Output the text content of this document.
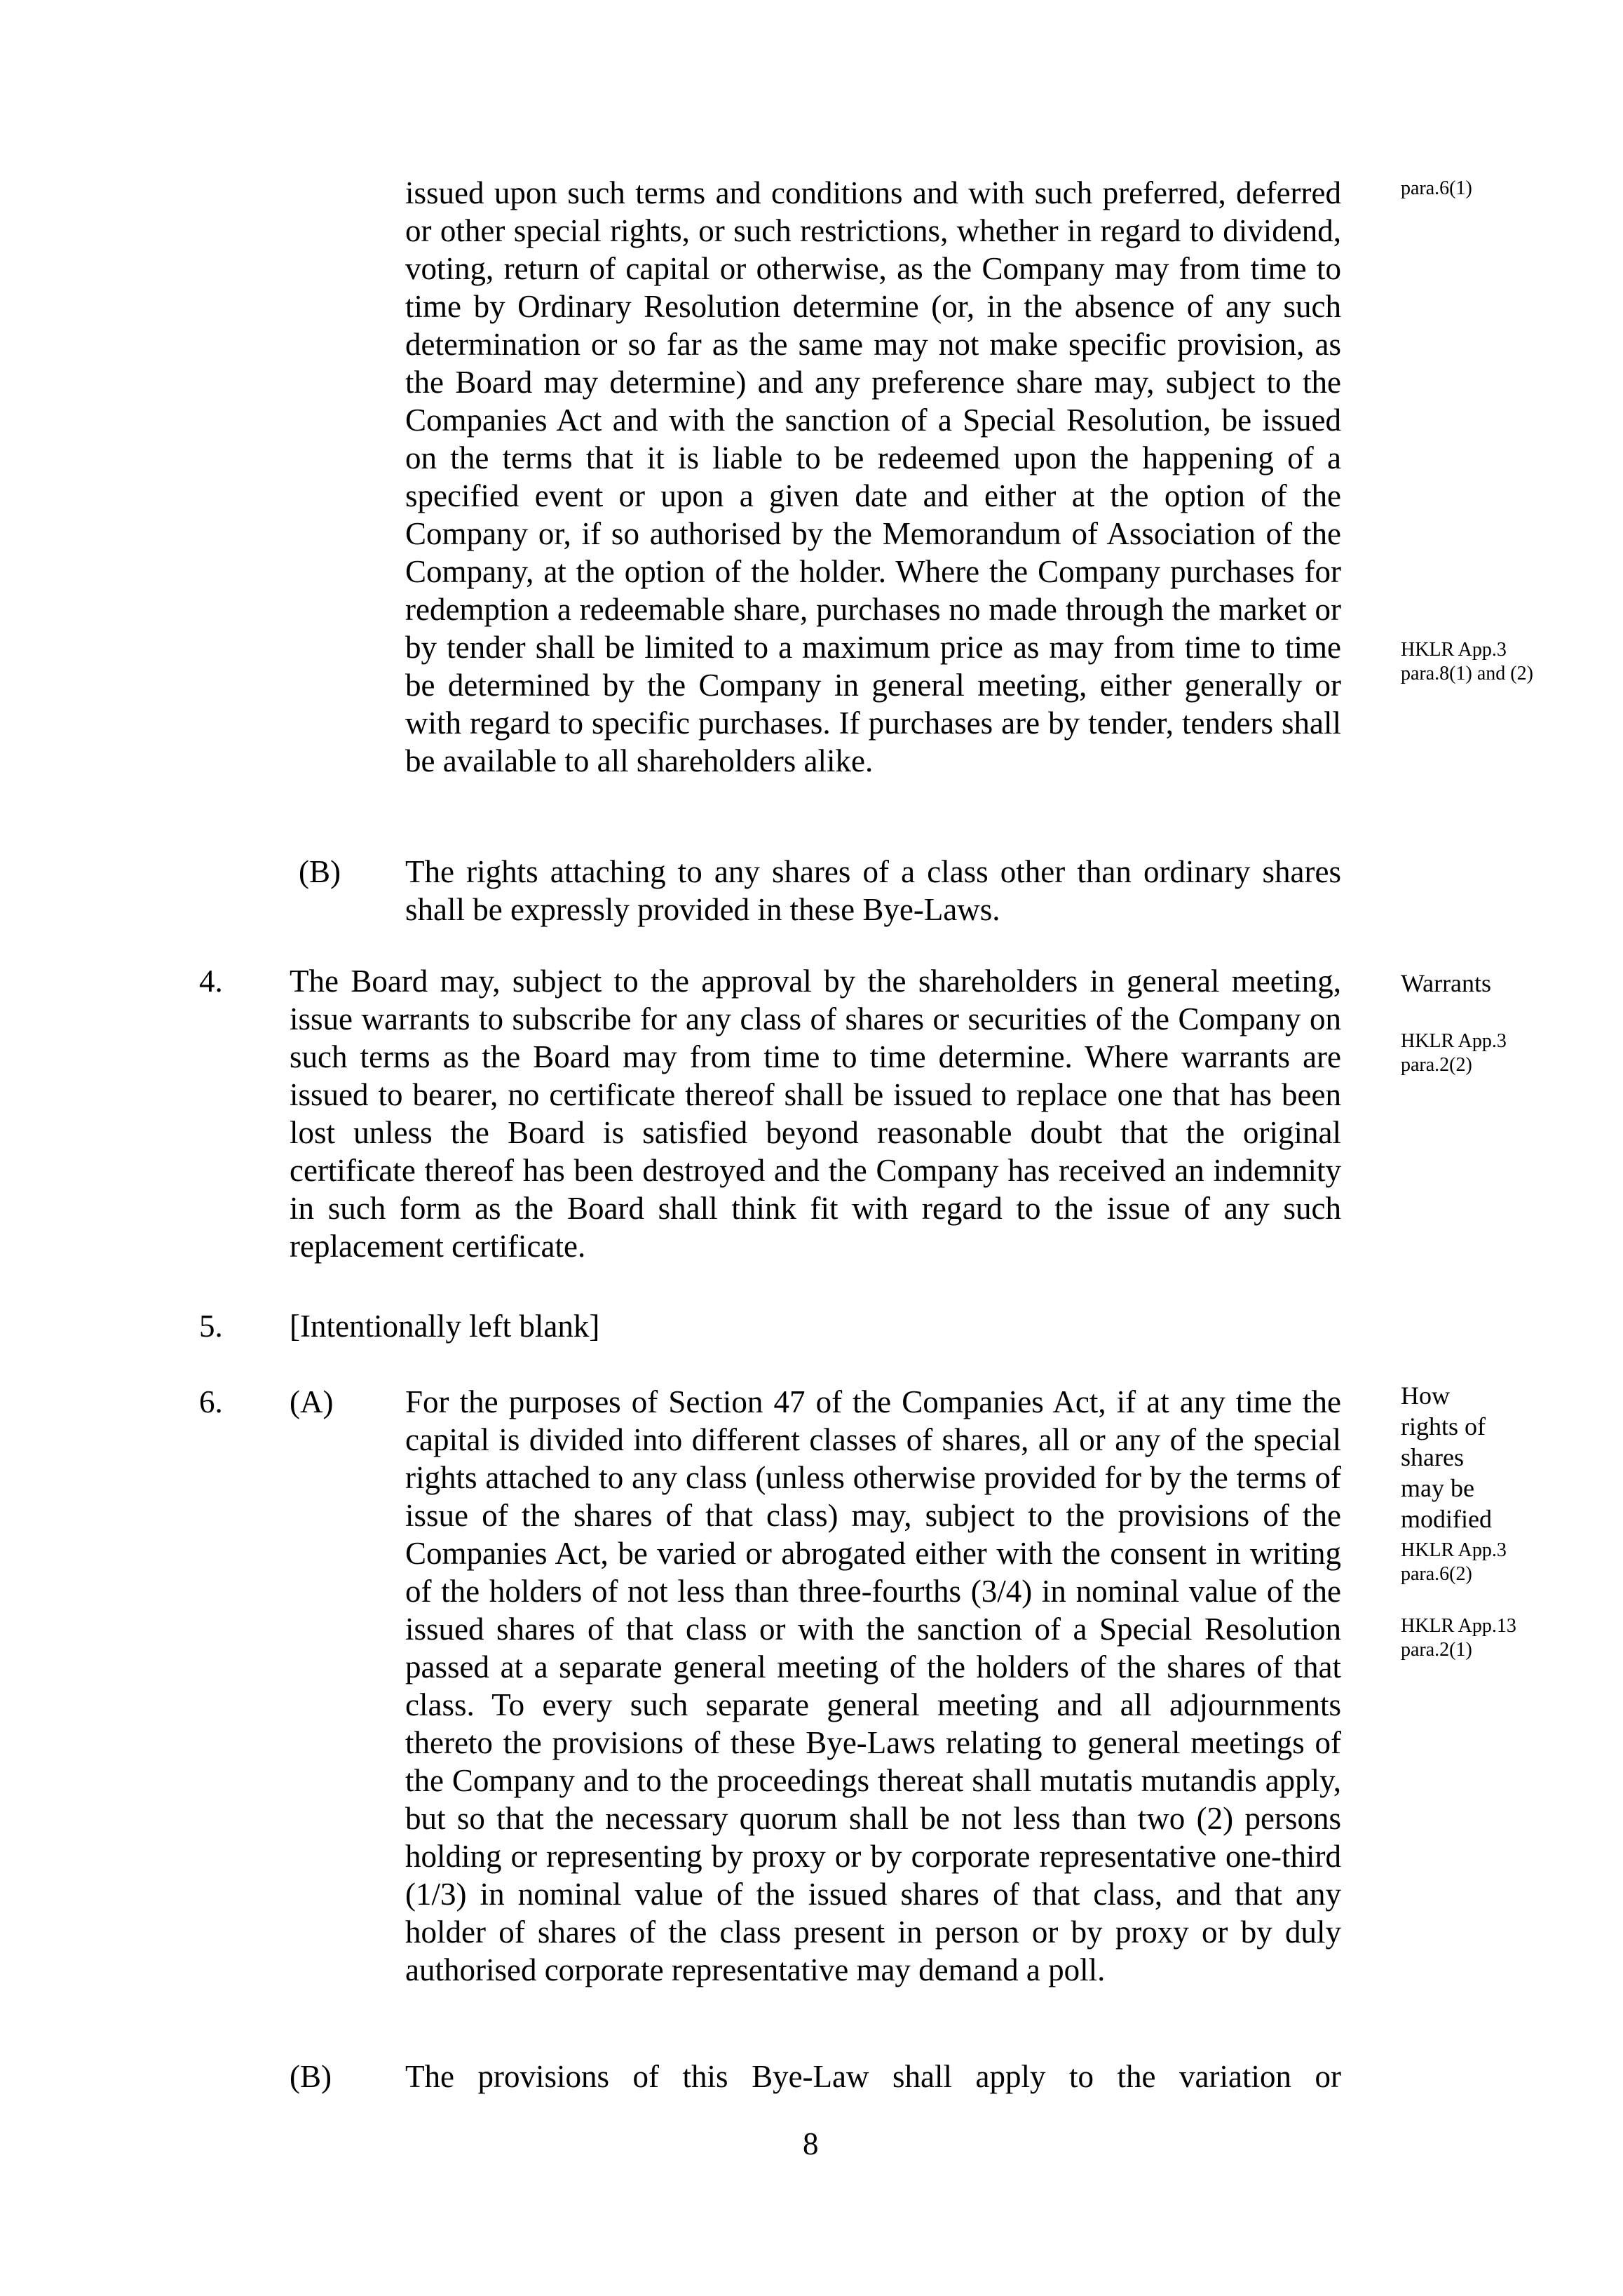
issued upon such terms and conditions and with such preferred, deferred or other special rights, or such restrictions, whether in regard to dividend, voting, return of capital or otherwise, as the Company may from time to time by Ordinary Resolution determine (or, in the absence of any such determination or so far as the same may not make specific provision, as the Board may determine) and any preference share may, subject to the Companies Act and with the sanction of a Special Resolution, be issued on the terms that it is liable to be redeemed upon the happening of a specified event or upon a given date and either at the option of the Company or, if so authorised by the Memorandum of Association of the Company, at the option of the holder. Where the Company purchases for redemption a redeemable share, purchases no made through the market or by tender shall be limited to a maximum price as may from time to time be determined by the Company in general meeting, either generally or with regard to specific purchases. If purchases are by tender, tenders shall be available to all shareholders alike.
(B) The rights attaching to any shares of a class other than ordinary shares shall be expressly provided in these Bye-Laws.
4. The Board may, subject to the approval by the shareholders in general meeting, issue warrants to subscribe for any class of shares or securities of the Company on such terms as the Board may from time to time determine. Where warrants are issued to bearer, no certificate thereof shall be issued to replace one that has been lost unless the Board is satisfied beyond reasonable doubt that the original certificate thereof has been destroyed and the Company has received an indemnity in such form as the Board shall think fit with regard to the issue of any such replacement certificate.
5. [Intentionally left blank]
6. (A) For the purposes of Section 47 of the Companies Act, if at any time the capital is divided into different classes of shares, all or any of the special rights attached to any class (unless otherwise provided for by the terms of issue of the shares of that class) may, subject to the provisions of the Companies Act, be varied or abrogated either with the consent in writing of the holders of not less than three-fourths (3/4) in nominal value of the issued shares of that class or with the sanction of a Special Resolution passed at a separate general meeting of the holders of the shares of that class. To every such separate general meeting and all adjournments thereto the provisions of these Bye-Laws relating to general meetings of the Company and to the proceedings thereat shall mutatis mutandis apply, but so that the necessary quorum shall be not less than two (2) persons holding or representing by proxy or by corporate representative one-third (1/3) in nominal value of the issued shares of that class, and that any holder of shares of the class present in person or by proxy or by duly authorised corporate representative may demand a poll.
(B) The provisions of this Bye-Law shall apply to the variation or
para.6(1)
HKLR App.3 para.8(1) and (2)
Warrants
HKLR App.3 para.2(2)
How rights of shares may be modified
HKLR App.3 para.6(2)
HKLR App.13 para.2(1)
8
